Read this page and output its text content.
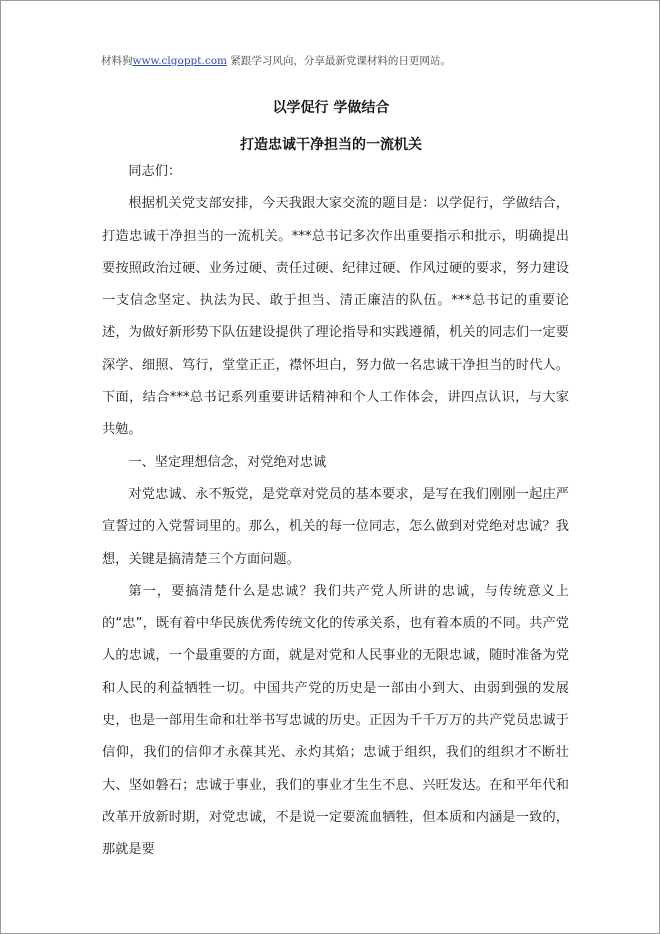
材料狗www.clgoppt.com 紧跟学习风向，分享最新党课材料的日更网站。
以学促行 学做结合
打造忠诚干净担当的一流机关

同志们：

根据机关党支部安排，今天我跟大家交流的题目是：以学促行，学做结合，打造忠诚干净担当的一流机关。***总书记多次作出重要指示和批示，明确提出要按照政治过硬、业务过硬、责任过硬、纪律过硬、作风过硬的要求，努力建设一支信念坚定、执法为民、敢于担当、清正廉洁的队伍。***总书记的重要论述，为做好新形势下队伍建设提供了理论指导和实践遵循，机关的同志们一定要深学、细照、笃行，堂堂正正，襟怀坦白，努力做一名忠诚干净担当的时代人。下面，结合***总书记系列重要讲话精神和个人工作体会，讲四点认识，与大家共勉。

一、坚定理想信念，对党绝对忠诚

对党忠诚、永不叛党，是党章对党员的基本要求，是写在我们刚刚一起庄严宣誓过的入党誓词里的。那么，机关的每一位同志，怎么做到对党绝对忠诚？我想，关键是搞清楚三个方面问题。

第一，要搞清楚什么是忠诚？我们共产党人所讲的忠诚，与传统意义上的“忠”，既有着中华民族优秀传统文化的传承关系，也有着本质的不同。共产党人的忠诚，一个最重要的方面，就是对党和人民事业的无限忠诚，随时准备为党和人民的利益牺牲一切。中国共产党的历史是一部由小到大、由弱到强的发展史，也是一部用生命和壮举书写忠诚的历史。正因为千千万万的共产党员忠诚于信仰，我们的信仰才永葆其光、永灼其焰；忠诚于组织，我们的组织才不断壮大、坚如磐石；忠诚于事业，我们的事业才生生不息、兴旺发达。在和平年代和改革开放新时期，对党忠诚，不是说一定要流血牺牲，但本质和内涵是一致的，那就是要
